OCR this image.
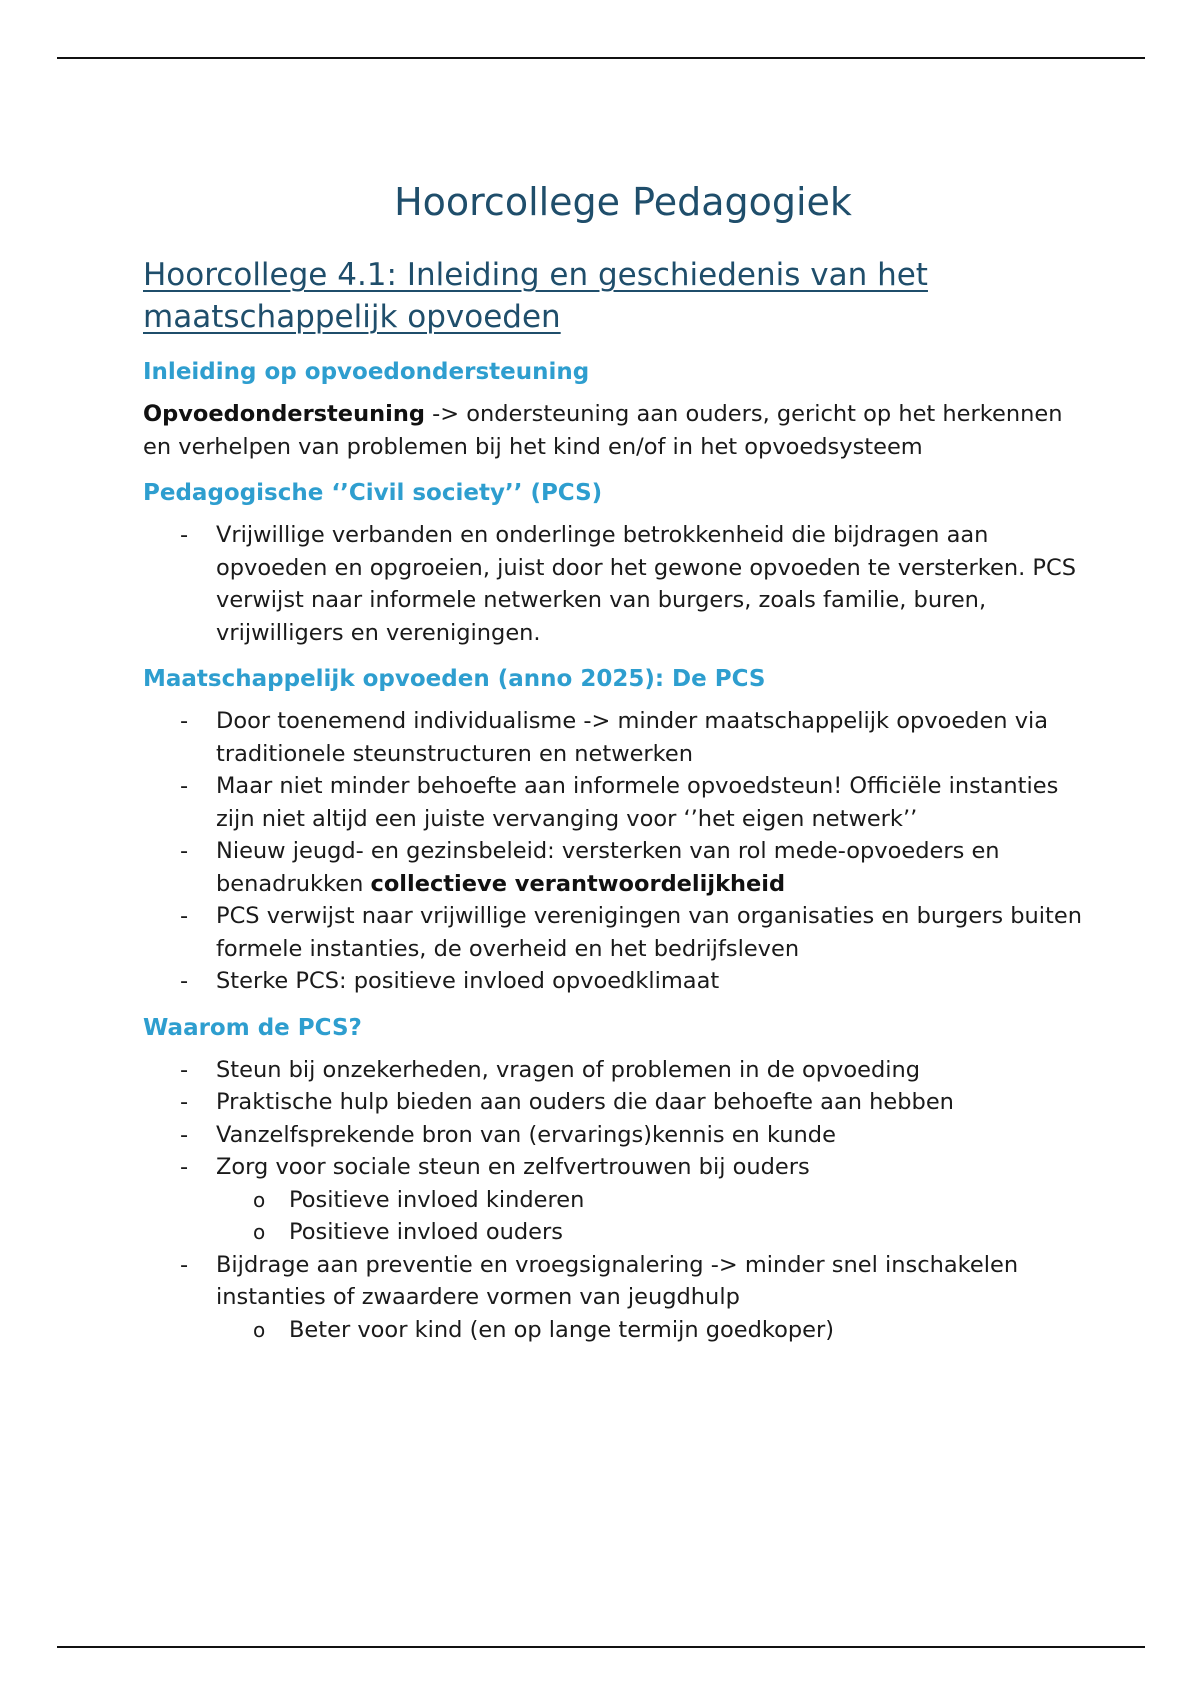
Hoorcollege Pedagogiek
Hoorcollege 4.1: Inleiding en geschiedenis van het maatschappelijk opvoeden
Inleiding op opvoedondersteuning

Opvoedondersteuning -> ondersteuning aan ouders, gericht op het herkennen en verhelpen van problemen bij het kind en/of in het opvoedsysteem

Pedagogische ‘’Civil society’’ (PCS)
-	Vrijwillige verbanden en onderlinge betrokkenheid die bijdragen aan opvoeden en opgroeien, juist door het gewone opvoeden te versterken. PCS verwijst naar informele netwerken van burgers, zoals familie, buren, vrijwilligers en verenigingen.
Maatschappelijk opvoeden (anno 2025): De PCS
-	Door toenemend individualisme -> minder maatschappelijk opvoeden via traditionele steunstructuren en netwerken
-	Maar niet minder behoefte aan informele opvoedsteun! Officiële instanties zijn niet altijd een juiste vervanging voor ‘’het eigen netwerk’’
-	Nieuw jeugd- en gezinsbeleid: versterken van rol mede-opvoeders en benadrukken collectieve verantwoordelijkheid
-	PCS verwijst naar vrijwillige verenigingen van organisaties en burgers buiten formele instanties, de overheid en het bedrijfsleven
-	Sterke PCS: positieve invloed opvoedklimaat
Waarom de PCS?
-	Steun bij onzekerheden, vragen of problemen in de opvoeding
-	Praktische hulp bieden aan ouders die daar behoefte aan hebben
-	Vanzelfsprekende bron van (ervarings)kennis en kunde
-	Zorg voor sociale steun en zelfvertrouwen bij ouders
o Positieve invloed kinderen
o Positieve invloed ouders
-	Bijdrage aan preventie en vroegsignalering -> minder snel inschakelen instanties of zwaardere vormen van jeugdhulp
o Beter voor kind (en op lange termijn goedkoper)
